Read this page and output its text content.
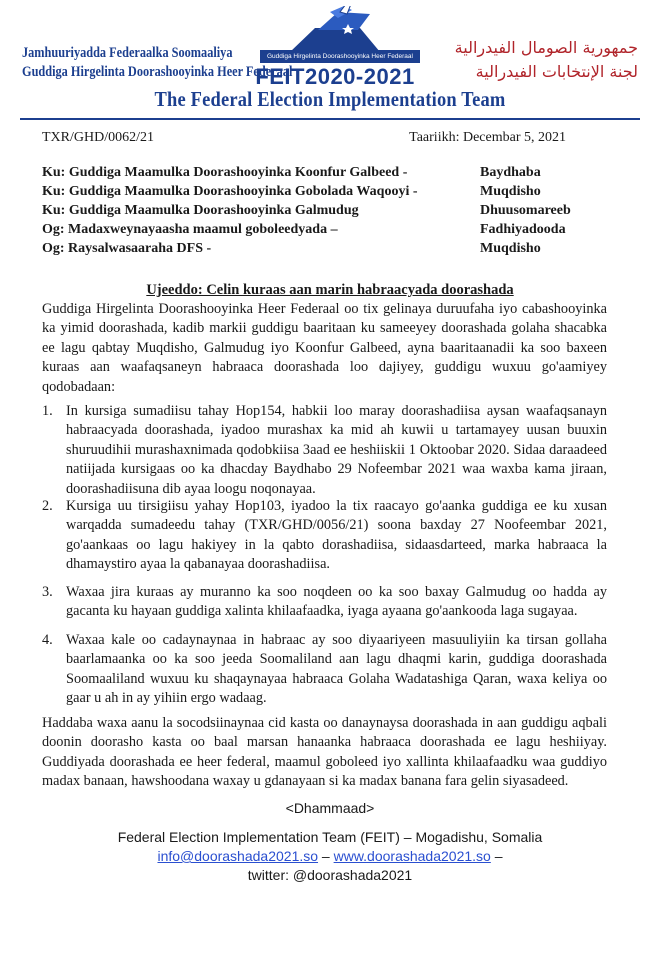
Jamhuuriyadda Federaalka Soomaaliya
Guddiga Hirgelinta Doorashooyinka Heer Federaal
Guddiga Hirgelinta Doorashooyinka Heer Federaal
FEIT2020-2021
جمهورية الصومال الفيدرالية
لجنة الإنتخابات الفيدرالية
The Federal Election Implementation Team
TXR/GHD/0062/21	Taariikh: Decembar 5, 2021
Ku: Guddiga Maamulka Doorashooyinka Koonfur Galbeed -	Baydhaba
Ku: Guddiga Maamulka Doorashooyinka Gobolada Waqooyi -	Muqdisho
Ku: Guddiga Maamulka Doorashooyinka Galmudug	Dhuusomareeb
Og: Madaxweynayaasha maamul goboleedyada –	Fadhiyadooda
Og: Raysalwasaaraha DFS -	Muqdisho
Ujeeddo: Celin kuraas aan marin habraacyada doorashada
Guddiga Hirgelinta Doorashooyinka Heer Federaal oo tix gelinaya duruufaha iyo cabashooyinka ka yimid doorashada, kadib markii guddigu baaritaan ku sameeyey doorashada golaha shacabka ee lagu qabtay Muqdisho, Galmudug iyo Koonfur Galbeed, ayna baaritaanadii ka soo baxeen kuraas aan waafaqsaneyn habraaca doorashada loo dajiyey, guddigu wuxuu go'aamiyey qodobadaan:
1. In kursiga sumadiisu tahay Hop154, habkii loo maray doorashadiisa aysan waafaqsanayn habraacyada doorashada, iyadoo murashax ka mid ah kuwii u tartamayey uusan buuxin shuruudihii murashaxnimada qodobkiisa 3aad ee heshiiskii 1 Oktoobar 2020. Sidaa daraadeed natiijada kursigaas oo ka dhacday Baydhabo 29 Nofeembar 2021 waa waxba kama jiraan, doorashadiisuna dib ayaa loogu noqonayaa.
2. Kursiga uu tirsigiisu yahay Hop103, iyadoo la tix raacayo go'aanka guddiga ee ku xusan warqadda sumadeedu tahay (TXR/GHD/0056/21) soona baxday 27 Noofeembar 2021, go'aankaas oo lagu hakiyey in la qabto dorashadiisa, sidaasdarteed, marka habraaca la dhamaystiro ayaa la qabanayaa doorashadiisa.
3. Waxaa jira kuraas ay muranno ka soo noqdeen oo ka soo baxay Galmudug oo hadda ay gacanta ku hayaan guddiga xalinta khilaafaadka, iyaga ayaana go'aankooda laga sugayaa.
4. Waxaa kale oo cadaynaynaa in habraac ay soo diyaariyeen masuuliyiin ka tirsan gollaha baarlamaanka oo ka soo jeeda Soomaliland aan lagu dhaqmi karin, guddiga doorashada Soomaaliland wuxuu ku shaqaynayaa habraaca Golaha Wadatashiga Qaran, waxa keliya oo gaar u ah in ay yihiin ergo wadaag.
Haddaba waxa aanu la socodsiinaynaa cid kasta oo danaynaysa doorashada in aan guddigu aqbali doonin doorasho kasta oo baal marsan hanaanka habraaca doorashada ee lagu heshiiyay. Guddiyada doorashada ee heer federal, maamul goboleed iyo xallinta khilaafaadku waa guddiyo madax banaan, hawshoodana waxay u gdanayaan si ka madax banana fara gelin siyasadeed.
<Dhammaad>
Federal Election Implementation Team (FEIT) – Mogadishu, Somalia
info@doorashada2021.so – www.doorashada2021.so –
twitter: @doorashada2021
